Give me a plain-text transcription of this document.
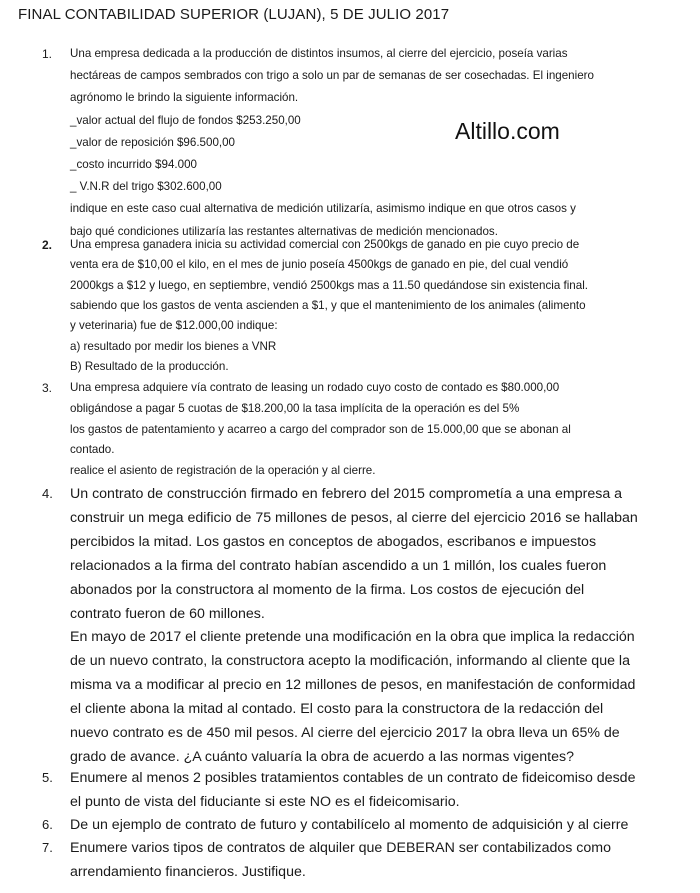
FINAL CONTABILIDAD SUPERIOR (LUJAN), 5 DE JULIO 2017
Altillo.com
1.	Una empresa dedicada a la producción de distintos insumos, al cierre del ejercicio, poseía varias
hectáreas de campos sembrados con trigo a solo un par de semanas de ser cosechadas. El ingeniero
agrónomo le brindo la siguiente información.
_valor actual del flujo de fondos $253.250,00
_valor de reposición $96.500,00
_costo incurrido $94.000
_ V.N.R del trigo $302.600,00
indique en este caso cual alternativa de medición utilizaría, asimismo indique en que otros casos y
bajo qué condiciones utilizaría las restantes alternativas de medición mencionados.
2.	Una empresa ganadera inicia su actividad comercial con 2500kgs de ganado en pie cuyo precio de
venta era de $10,00 el kilo, en el mes de junio poseía 4500kgs de ganado en pie, del cual vendió
2000kgs a $12 y luego, en septiembre, vendió 2500kgs mas a 11.50 quedándose sin existencia final.
sabiendo que los gastos de venta ascienden a $1, y que el mantenimiento de los animales (alimento
y veterinaria) fue de $12.000,00 indique:
a) resultado por medir los bienes a VNR
B) Resultado de la producción.
3.	Una empresa adquiere vía contrato de leasing un rodado cuyo costo de contado es $80.000,00
obligándose a pagar 5 cuotas de $18.200,00 la tasa implícita de la operación es del 5%
los gastos de patentamiento y acarreo a cargo del comprador son de 15.000,00 que se abonan al
contado.
realice el asiento de registración de la operación y al cierre.
4.	Un contrato de construcción firmado en febrero del 2015 comprometía a una empresa a
construir un mega edificio de 75 millones de pesos, al cierre del ejercicio 2016 se hallaban
percibidos la mitad. Los gastos en conceptos de abogados, escribanos e impuestos
relacionados a la firma del contrato habían ascendido a un 1 millón, los cuales fueron
abonados por la constructora al momento de la firma. Los costos de ejecución del
contrato fueron de 60 millones.
En mayo de 2017 el cliente pretende una modificación en la obra que implica la redacción
de un nuevo contrato, la constructora acepto la modificación, informando al cliente que la
misma va a modificar al precio en 12 millones de pesos, en manifestación de conformidad
el cliente abona la mitad al contado. El costo para la constructora de la redacción del
nuevo contrato es de 450 mil pesos. Al cierre del ejercicio 2017 la obra lleva un 65% de
grado de avance. ¿A cuánto valuaría la obra de acuerdo a las normas vigentes?
5.	Enumere al menos 2 posibles tratamientos contables de un contrato de fideicomiso desde
el punto de vista del fiduciante si este NO es el fideicomisario.
6.	De un ejemplo de contrato de futuro y contabilícelo al momento de adquisición y al cierre
7.	Enumere varios tipos de contratos de alquiler que DEBERAN ser contabilizados como
arrendamiento financieros. Justifique.
